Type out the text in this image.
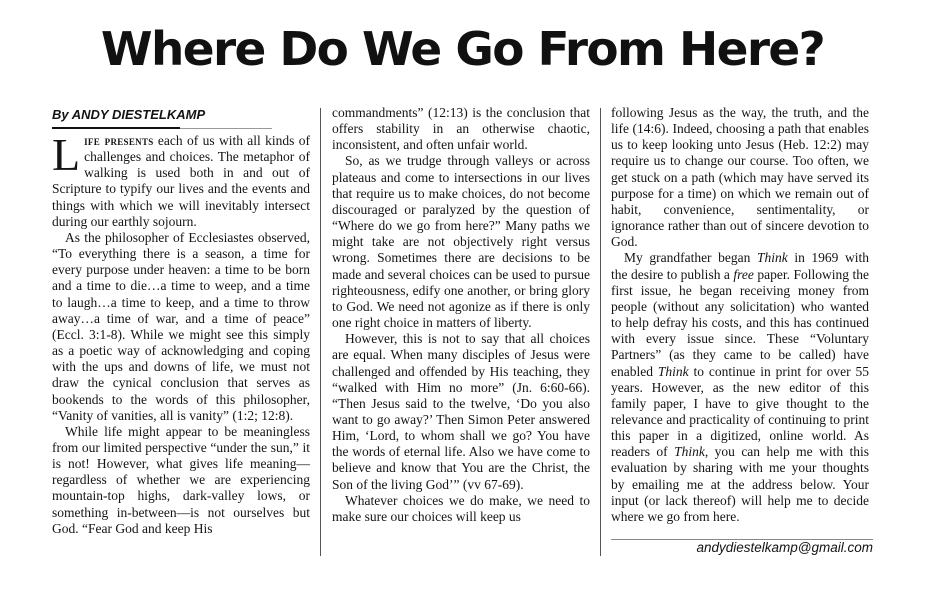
Where Do We Go From Here?
By ANDY DIESTELKAMP

Life presents each of us with all kinds of challenges and choices. The metaphor of walking is used both in and out of Scripture to typify our lives and the events and things with which we will inevitably intersect during our earthly sojourn.

As the philosopher of Ecclesiastes observed, “To everything there is a season, a time for every purpose under heaven: a time to be born and a time to die…a time to weep, and a time to laugh…a time to keep, and a time to throw away…a time of war, and a time of peace” (Eccl. 3:1-8). While we might see this simply as a poetic way of acknowledging and coping with the ups and downs of life, we must not draw the cynical conclusion that serves as bookends to the words of this philosopher, “Vanity of vanities, all is vanity” (1:2; 12:8).

While life might appear to be meaningless from our limited perspective “under the sun,” it is not! However, what gives life meaning—regardless of whether we are experiencing mountain-top highs, dark-valley lows, or something in-between—is not ourselves but God. “Fear God and keep His

commandments” (12:13) is the conclusion that offers stability in an otherwise chaotic, inconsistent, and often unfair world.

So, as we trudge through valleys or across plateaus and come to intersections in our lives that require us to make choices, do not become discouraged or paralyzed by the question of “Where do we go from here?” Many paths we might take are not objectively right versus wrong. Sometimes there are decisions to be made and several choices can be used to pursue righteousness, edify one another, or bring glory to God. We need not agonize as if there is only one right choice in matters of liberty.

However, this is not to say that all choices are equal. When many disciples of Jesus were challenged and offended by His teaching, they “walked with Him no more” (Jn. 6:60-66). “Then Jesus said to the twelve, ‘Do you also want to go away?’ Then Simon Peter answered Him, ‘Lord, to whom shall we go? You have the words of eternal life. Also we have come to believe and know that You are the Christ, the Son of the living God’” (vv 67-69).

Whatever choices we do make, we need to make sure our choices will keep us

following Jesus as the way, the truth, and the life (14:6). Indeed, choosing a path that enables us to keep looking unto Jesus (Heb. 12:2) may require us to change our course. Too often, we get stuck on a path (which may have served its purpose for a time) on which we remain out of habit, convenience, sentimentality, or ignorance rather than out of sincere devotion to God.

My grandfather began Think in 1969 with the desire to publish a free paper. Following the first issue, he began receiving money from people (without any solicitation) who wanted to help defray his costs, and this has continued with every issue since. These “Voluntary Partners” (as they came to be called) have enabled Think to continue in print for over 55 years. However, as the new editor of this family paper, I have to give thought to the relevance and practicality of continuing to print this paper in a digitized, online world. As readers of Think, you can help me with this evaluation by sharing with me your thoughts by emailing me at the address below. Your input (or lack thereof) will help me to decide where we go from here.

andydiestelkamp@gmail.com
